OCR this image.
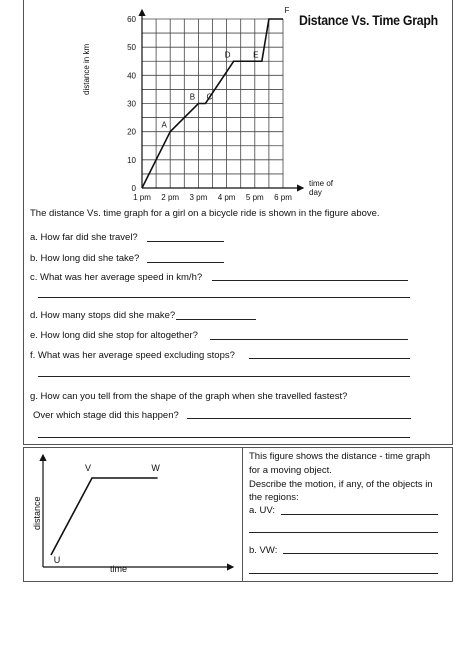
Distance Vs. Time Graph
0
10
20
30
40
50
60
1 pm 2 pm 3 pm 4 pm 5 pm 6 pm
A
B C
D	E
F
distance in km
time of
day
The distance Vs. time graph for a girl on a bicycle ride is shown in the figure above.
a. How far did she travel?
b. How long did she take?
c. What was her average speed in km/h?
d. How many stops did she make?
e. How long did she stop for altogether?
f. What was her average speed excluding stops?
g. How can you tell from the shape of the graph when she travelled fastest?
Over which stage did this happen?
U
V	W
distance
time
This figure shows the distance - time graph
for a moving object.
Describe the motion, if any, of the objects in
the regions:
a. UV:
b. VW:
